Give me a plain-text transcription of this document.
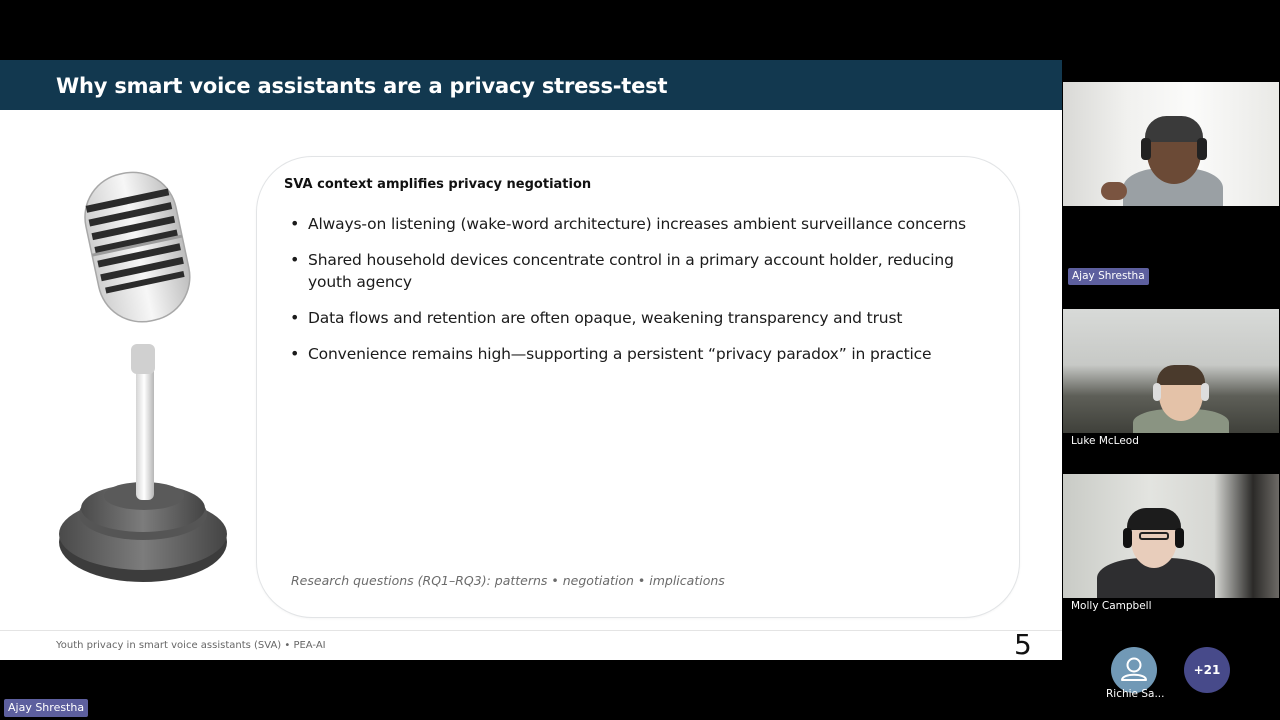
Why smart voice assistants are a privacy stress-test
SVA context amplifies privacy negotiation
• Always-on listening (wake-word architecture) increases ambient surveillance concerns
• Shared household devices concentrate control in a primary account holder, reducing youth agency
• Data flows and retention are often opaque, weakening transparency and trust
• Convenience remains high—supporting a persistent “privacy paradox” in practice
Research questions (RQ1–RQ3): patterns • negotiation • implications
Youth privacy in smart voice assistants (SVA) • PEA-AI	5
Ajay Shrestha
Ajay Shrestha
Luke McLeod
Molly Campbell
Richie Sa...
+21
